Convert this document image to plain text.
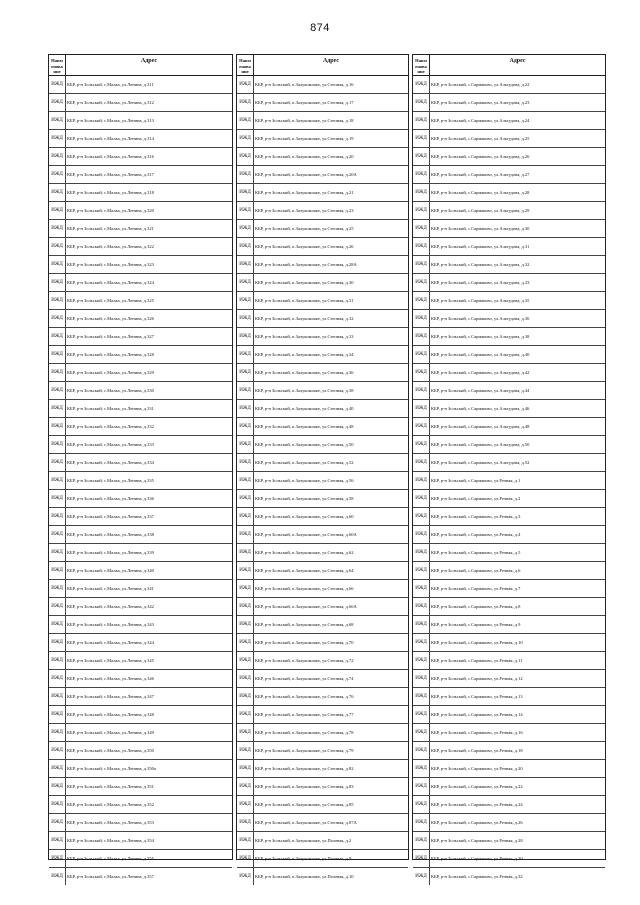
874
Наим енова ние
Адрес
ИЖД КБР, р-н Зольский, с.Малка, ул.Ленина, д.311
ИЖД КБР, р-н Зольский, с.Малка, ул.Ленина, д.312
ИЖД КБР, р-н Зольский, с.Малка, ул.Ленина, д.313
ИЖД КБР, р-н Зольский, с.Малка, ул.Ленина, д.314
ИЖД КБР, р-н Зольский, с.Малка, ул.Ленина, д.316
ИЖД КБР, р-н Зольский, с.Малка, ул.Ленина, д.317
ИЖД КБР, р-н Зольский, с.Малка, ул.Ленина, д.318
ИЖД КБР, р-н Зольский, с.Малка, ул.Ленина, д.320
ИЖД КБР, р-н Зольский, с.Малка, ул.Ленина, д.321
ИЖД КБР, р-н Зольский, с.Малка, ул.Ленина, д.322
ИЖД КБР, р-н Зольский, с.Малка, ул.Ленина, д.323
ИЖД КБР, р-н Зольский, с.Малка, ул.Ленина, д.324
ИЖД КБР, р-н Зольский, с.Малка, ул.Ленина, д.325
ИЖД КБР, р-н Зольский, с.Малка, ул.Ленина, д.326
ИЖД КБР, р-н Зольский, с.Малка, ул.Ленина, д.327
ИЖД КБР, р-н Зольский, с.Малка, ул.Ленина, д.328
ИЖД КБР, р-н Зольский, с.Малка, ул.Ленина, д.329
ИЖД КБР, р-н Зольский, с.Малка, ул.Ленина, д.330
ИЖД КБР, р-н Зольский, с.Малка, ул.Ленина, д.331
ИЖД КБР, р-н Зольский, с.Малка, ул.Ленина, д.332
ИЖД КБР, р-н Зольский, с.Малка, ул.Ленина, д.333
ИЖД КБР, р-н Зольский, с.Малка, ул.Ленина, д.334
ИЖД КБР, р-н Зольский, с.Малка, ул.Ленина, д.335
ИЖД КБР, р-н Зольский, с.Малка, ул.Ленина, д.336
ИЖД КБР, р-н Зольский, с.Малка, ул.Ленина, д.337
ИЖД КБР, р-н Зольский, с.Малка, ул.Ленина, д.338
ИЖД КБР, р-н Зольский, с.Малка, ул.Ленина, д.339
ИЖД КБР, р-н Зольский, с.Малка, ул.Ленина, д.340
ИЖД КБР, р-н Зольский, с.Малка, ул.Ленина, д.341
ИЖД КБР, р-н Зольский, с.Малка, ул.Ленина, д.342
ИЖД КБР, р-н Зольский, с.Малка, ул.Ленина, д.343
ИЖД КБР, р-н Зольский, с.Малка, ул.Ленина, д.344
ИЖД КБР, р-н Зольский, с.Малка, ул.Ленина, д.345
ИЖД КБР, р-н Зольский, с.Малка, ул.Ленина, д.346
ИЖД КБР, р-н Зольский, с.Малка, ул.Ленина, д.347
ИЖД КБР, р-н Зольский, с.Малка, ул.Ленина, д.348
ИЖД КБР, р-н Зольский, с.Малка, ул.Ленина, д.349
ИЖД КБР, р-н Зольский, с.Малка, ул.Ленина, д.350
ИЖД КБР, р-н Зольский, с.Малка, ул.Ленина, д.350а
ИЖД КБР, р-н Зольский, с.Малка, ул.Ленина, д.351
ИЖД КБР, р-н Зольский, с.Малка, ул.Ленина, д.352
ИЖД КБР, р-н Зольский, с.Малка, ул.Ленина, д.353
ИЖД КБР, р-н Зольский, с.Малка, ул.Ленина, д.354
ИЖД КБР, р-н Зольский, с.Малка, ул.Ленина, д.355
ИЖД КБР, р-н Зольский, с.Малка, ул.Ленина, д.357
Наим енова ние
Адрес
ИЖД КБР, р-н Зольский, п.Залукокоаже, ул.Степная, д.16
ИЖД КБР, р-н Зольский, п.Залукокоаже, ул.Степная, д.17
ИЖД КБР, р-н Зольский, п.Залукокоаже, ул.Степная, д.18
ИЖД КБР, р-н Зольский, п.Залукокоаже, ул.Степная, д.19
ИЖД КБР, р-н Зольский, п.Залукокоаже, ул.Степная, д.20
ИЖД КБР, р-н Зольский, п.Залукокоаже, ул.Степная, д.20А
ИЖД КБР, р-н Зольский, п.Залукокоаже, ул.Степная, д.21
ИЖД КБР, р-н Зольский, п.Залукокоаже, ул.Степная, д.23
ИЖД КБР, р-н Зольский, п.Залукокоаже, ул.Степная, д.25
ИЖД КБР, р-н Зольский, п.Залукокоаже, ул.Степная, д.26
ИЖД КБР, р-н Зольский, п.Залукокоаже, ул.Степная, д.28А
ИЖД КБР, р-н Зольский, п.Залукокоаже, ул.Степная, д.30
ИЖД КБР, р-н Зольский, п.Залукокоаже, ул.Степная, д.31
ИЖД КБР, р-н Зольский, п.Залукокоаже, ул.Степная, д.32
ИЖД КБР, р-н Зольский, п.Залукокоаже, ул.Степная, д.33
ИЖД КБР, р-н Зольский, п.Залукокоаже, ул.Степная, д.34
ИЖД КБР, р-н Зольский, п.Залукокоаже, ул.Степная, д.36
ИЖД КБР, р-н Зольский, п.Залукокоаже, ул.Степная, д.38
ИЖД КБР, р-н Зольский, п.Залукокоаже, ул.Степная, д.40
ИЖД КБР, р-н Зольский, п.Залукокоаже, ул.Степная, д.48
ИЖД КБР, р-н Зольский, п.Залукокоаже, ул.Степная, д.50
ИЖД КБР, р-н Зольский, п.Залукокоаже, ул.Степная, д.52
ИЖД КБР, р-н Зольский, п.Залукокоаже, ул.Степная, д.56
ИЖД КБР, р-н Зольский, п.Залукокоаже, ул.Степная, д.58
ИЖД КБР, р-н Зольский, п.Залукокоаже, ул.Степная, д.60
ИЖД КБР, р-н Зольский, п.Залукокоаже, ул.Степная, д.60А
ИЖД КБР, р-н Зольский, п.Залукокоаже, ул.Степная, д.62
ИЖД КБР, р-н Зольский, п.Залукокоаже, ул.Степная, д.64
ИЖД КБР, р-н Зольский, п.Залукокоаже, ул.Степная, д.66
ИЖД КБР, р-н Зольский, п.Залукокоаже, ул.Степная, д.66А
ИЖД КБР, р-н Зольский, п.Залукокоаже, ул.Степная, д.68
ИЖД КБР, р-н Зольский, п.Залукокоаже, ул.Степная, д.70
ИЖД КБР, р-н Зольский, п.Залукокоаже, ул.Степная, д.72
ИЖД КБР, р-н Зольский, п.Залукокоаже, ул.Степная, д.74
ИЖД КБР, р-н Зольский, п.Залукокоаже, ул.Степная, д.76
ИЖД КБР, р-н Зольский, п.Залукокоаже, ул.Степная, д.77
ИЖД КБР, р-н Зольский, п.Залукокоаже, ул.Степная, д.78
ИЖД КБР, р-н Зольский, п.Залукокоаже, ул.Степная, д.79
ИЖД КБР, р-н Зольский, п.Залукокоаже, ул.Степная, д.82
ИЖД КБР, р-н Зольский, п.Залукокоаже, ул.Степная, д.83
ИЖД КБР, р-н Зольский, п.Залукокоаже, ул.Степная, д.85
ИЖД КБР, р-н Зольский, п.Залукокоаже, ул.Степная, д.87А
ИЖД КБР, р-н Зольский, п.Залукокоаже, ул.Полевая, д.2
ИЖД КБР, р-н Зольский, п.Залукокоаже, ул.Полевая, д.9
ИЖД КБР, р-н Зольский, п.Залукокоаже, ул.Полевая, д.10
Наим енова ние
Адрес
ИЖД КБР, р-н Зольский, с.Сармаково, ул.Альтудова, д.22
ИЖД КБР, р-н Зольский, с.Сармаково, ул.Альтудова, д.23
ИЖД КБР, р-н Зольский, с.Сармаково, ул.Альтудова, д.24
ИЖД КБР, р-н Зольский, с.Сармаково, ул.Альтудова, д.25
ИЖД КБР, р-н Зольский, с.Сармаково, ул.Альтудова, д.26
ИЖД КБР, р-н Зольский, с.Сармаково, ул.Альтудова, д.27
ИЖД КБР, р-н Зольский, с.Сармаково, ул.Альтудова, д.28
ИЖД КБР, р-н Зольский, с.Сармаково, ул.Альтудова, д.29
ИЖД КБР, р-н Зольский, с.Сармаково, ул.Альтудова, д.30
ИЖД КБР, р-н Зольский, с.Сармаково, ул.Альтудова, д.31
ИЖД КБР, р-н Зольский, с.Сармаково, ул.Альтудова, д.32
ИЖД КБР, р-н Зольский, с.Сармаково, ул.Альтудова, д.33
ИЖД КБР, р-н Зольский, с.Сармаково, ул.Альтудова, д.35
ИЖД КБР, р-н Зольский, с.Сармаково, ул.Альтудова, д.36
ИЖД КБР, р-н Зольский, с.Сармаково, ул.Альтудова, д.38
ИЖД КБР, р-н Зольский, с.Сармаково, ул.Альтудова, д.40
ИЖД КБР, р-н Зольский, с.Сармаково, ул.Альтудова, д.42
ИЖД КБР, р-н Зольский, с.Сармаково, ул.Альтудова, д.44
ИЖД КБР, р-н Зольский, с.Сармаково, ул.Альтудова, д.46
ИЖД КБР, р-н Зольский, с.Сармаково, ул.Альтудова, д.48
ИЖД КБР, р-н Зольский, с.Сармаково, ул.Альтудова, д.50
ИЖД КБР, р-н Зольский, с.Сармаково, ул.Альтудова, д.52
ИЖД КБР, р-н Зольский, с.Сармаково, ул.Речная, д.1
ИЖД КБР, р-н Зольский, с.Сармаково, ул.Речная, д.2
ИЖД КБР, р-н Зольский, с.Сармаково, ул.Речная, д.3
ИЖД КБР, р-н Зольский, с.Сармаково, ул.Речная, д.4
ИЖД КБР, р-н Зольский, с.Сармаково, ул.Речная, д.5
ИЖД КБР, р-н Зольский, с.Сармаково, ул.Речная, д.6
ИЖД КБР, р-н Зольский, с.Сармаково, ул.Речная, д.7
ИЖД КБР, р-н Зольский, с.Сармаково, ул.Речная, д.8
ИЖД КБР, р-н Зольский, с.Сармаково, ул.Речная, д.9
ИЖД КБР, р-н Зольский, с.Сармаково, ул.Речная, д.10
ИЖД КБР, р-н Зольский, с.Сармаково, ул.Речная, д.11
ИЖД КБР, р-н Зольский, с.Сармаково, ул.Речная, д.12
ИЖД КБР, р-н Зольский, с.Сармаково, ул.Речная, д.13
ИЖД КБР, р-н Зольский, с.Сармаково, ул.Речная, д.14
ИЖД КБР, р-н Зольский, с.Сармаково, ул.Речная, д.16
ИЖД КБР, р-н Зольский, с.Сармаково, ул.Речная, д.18
ИЖД КБР, р-н Зольский, с.Сармаково, ул.Речная, д.20
ИЖД КБР, р-н Зольский, с.Сармаково, ул.Речная, д.22
ИЖД КБР, р-н Зольский, с.Сармаково, ул.Речная, д.24
ИЖД КБР, р-н Зольский, с.Сармаково, ул.Речная, д.26
ИЖД КБР, р-н Зольский, с.Сармаково, ул.Речная, д.28
ИЖД КБР, р-н Зольский, с.Сармаково, ул.Речная, д.30
ИЖД КБР, р-н Зольский, с.Сармаково, ул.Речная, д.32
